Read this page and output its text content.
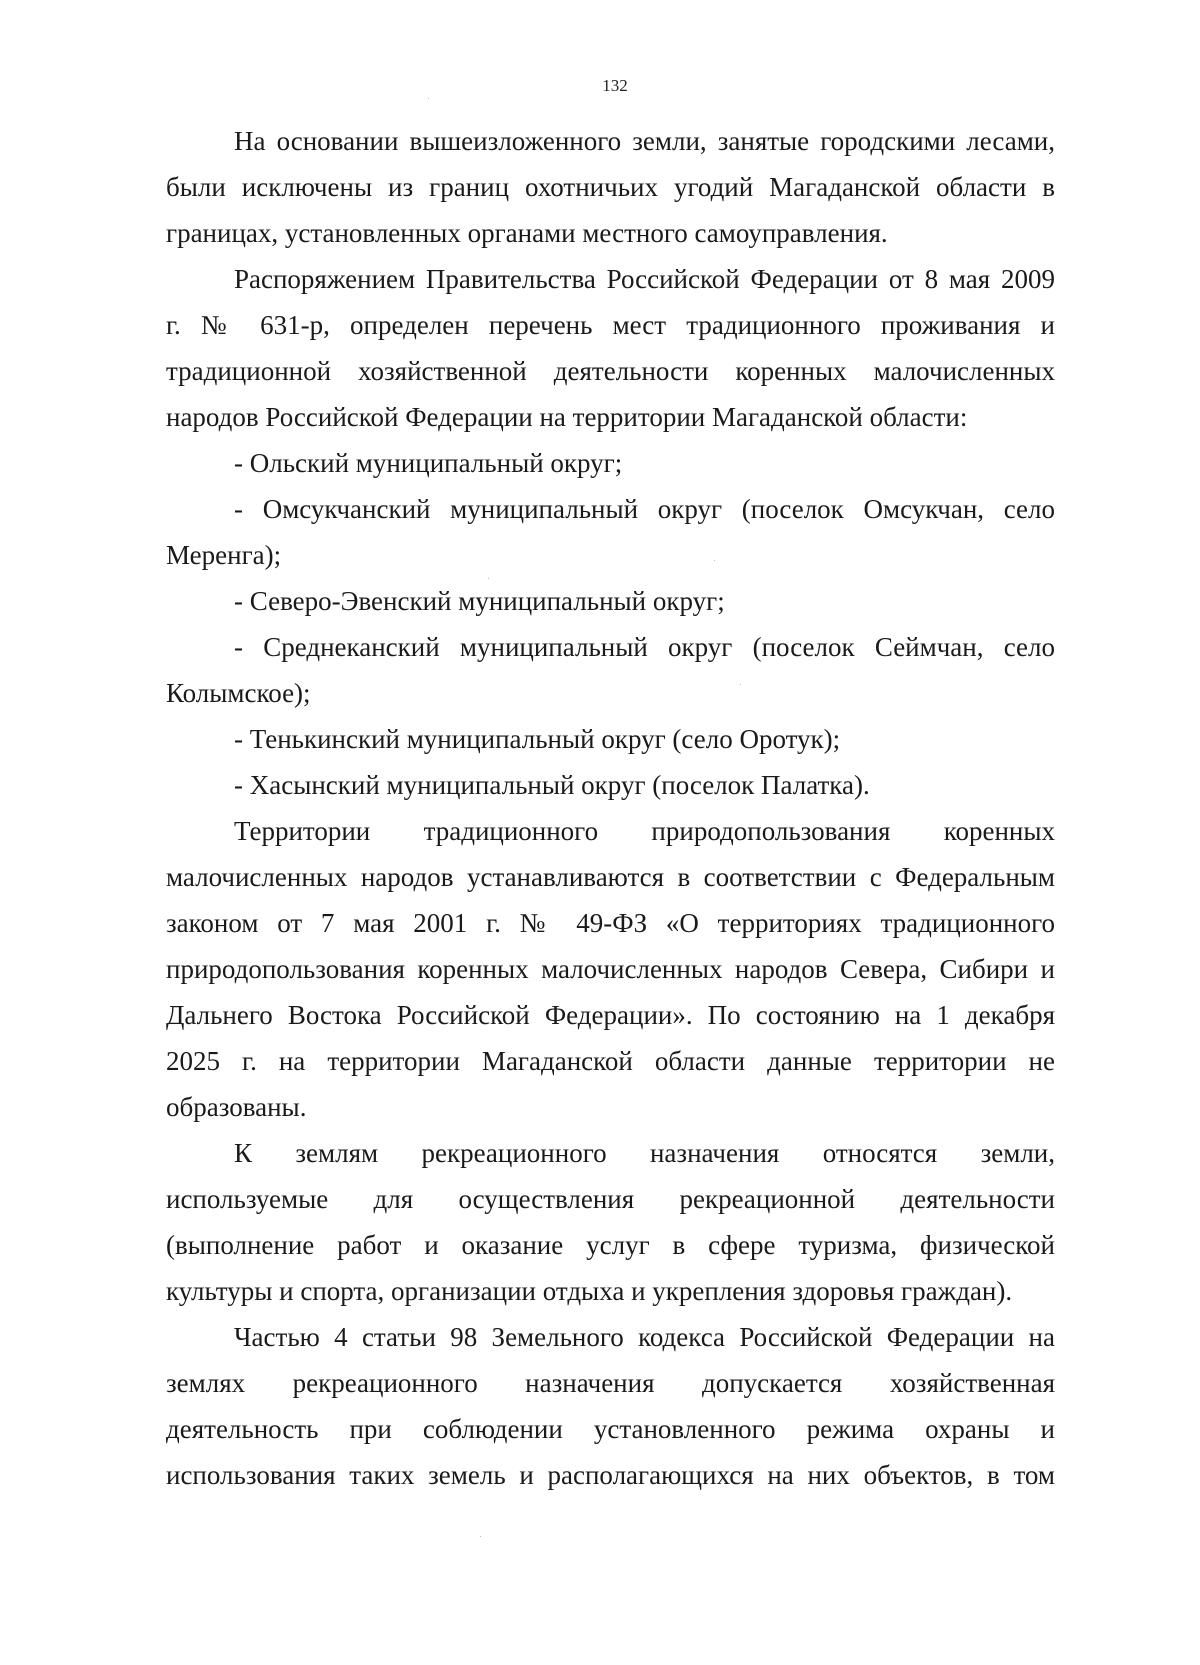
132
На основании вышеизложенного земли, занятые городскими лесами,
были исключены из границ охотничьих угодий Магаданской области в
границах, установленных органами местного самоуправления.
Распоряжением Правительства Российской Федерации от 8 мая 2009
г. № 631-р, определен перечень мест традиционного проживания и
традиционной хозяйственной деятельности коренных малочисленных
народов Российской Федерации на территории Магаданской области:
- Ольский муниципальный округ;
- Омсукчанский муниципальный округ (поселок Омсукчан, село
Меренга);
- Северо-Эвенский муниципальный округ;
- Среднеканский муниципальный округ (поселок Сеймчан, село
Колымское);
- Тенькинский муниципальный округ (село Оротук);
- Хасынский муниципальный округ (поселок Палатка).
Территории традиционного природопользования коренных
малочисленных народов устанавливаются в соответствии с Федеральным
законом от 7 мая 2001 г. № 49-ФЗ «О территориях традиционного
природопользования коренных малочисленных народов Севера, Сибири и
Дальнего Востока Российской Федерации». По состоянию на 1 декабря
2025 г. на территории Магаданской области данные территории не
образованы.
К землям рекреационного назначения относятся земли,
используемые для осуществления рекреационной деятельности
(выполнение работ и оказание услуг в сфере туризма, физической
культуры и спорта, организации отдыха и укрепления здоровья граждан).
Частью 4 статьи 98 Земельного кодекса Российской Федерации на
землях рекреационного назначения допускается хозяйственная
деятельность при соблюдении установленного режима охраны и
использования таких земель и располагающихся на них объектов, в том
